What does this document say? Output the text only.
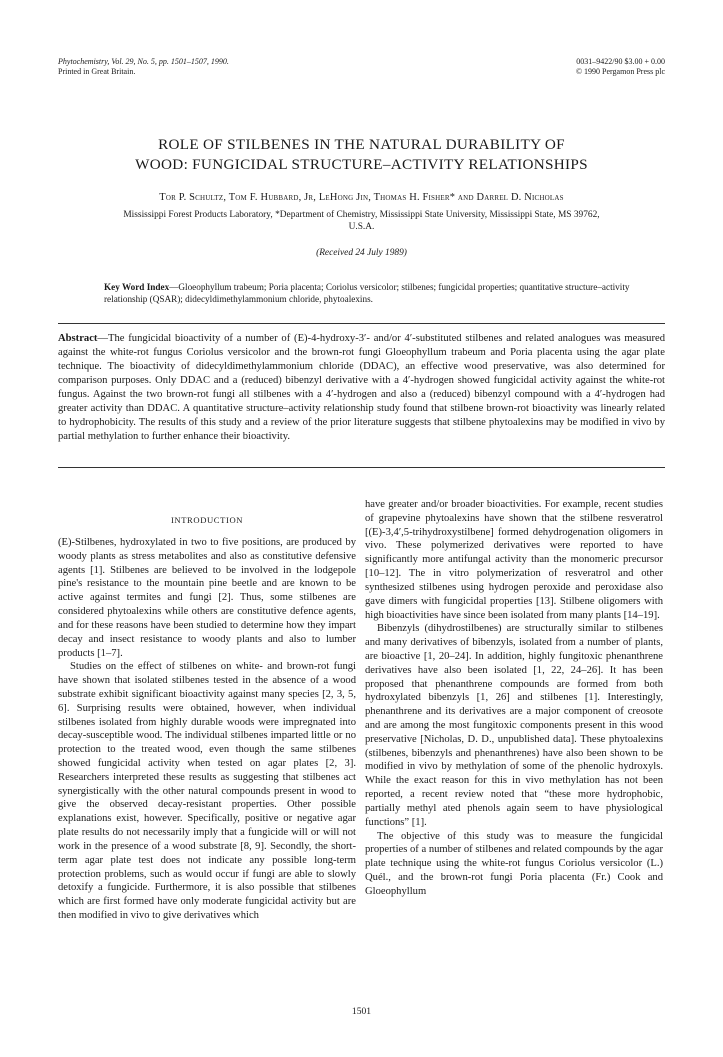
Phytochemistry, Vol. 29, No. 5, pp. 1501–1507, 1990.
Printed in Great Britain.
0031–9422/90 $3.00 + 0.00
© 1990 Pergamon Press plc
ROLE OF STILBENES IN THE NATURAL DURABILITY OF
WOOD: FUNGICIDAL STRUCTURE–ACTIVITY RELATIONSHIPS
Tor P. Schultz, Tom F. Hubbard, Jr, LeHong Jin, Thomas H. Fisher* and Darrel D. Nicholas
Mississippi Forest Products Laboratory, *Department of Chemistry, Mississippi State University, Mississippi State, MS 39762,
U.S.A.
(Received 24 July 1989)
Key Word Index—Gloeophyllum trabeum; Poria placenta; Coriolus versicolor; stilbenes; fungicidal properties; quantitative structure–activity relationship (QSAR); didecyldimethylammonium chloride, phytoalexins.
Abstract—The fungicidal bioactivity of a number of (E)-4-hydroxy-3′- and/or 4′-substituted stilbenes and related analogues was measured against the white-rot fungus Coriolus versicolor and the brown-rot fungi Gloeophyllum trabeum and Poria placenta using the agar plate technique. The bioactivity of didecyldimethylammonium chloride (DDAC), an effective wood preservative, was also determined for comparison purposes. Only DDAC and a (reduced) bibenzyl derivative with a 4′-hydrogen showed fungicidal activity against the white-rot fungus. Against the two brown-rot fungi all stilbenes with a 4′-hydrogen and also a (reduced) bibenzyl compound with a 4′-hydrogen had greater activity than DDAC. A quantitative structure–activity relationship study found that stilbene brown-rot bioactivity was linearly related to hydrophobicity. The results of this study and a review of the prior literature suggests that stilbene phytoalexins may be modified in vivo by partial methylation to further enhance their bioactivity.
INTRODUCTION

(E)-Stilbenes, hydroxylated in two to five positions, are produced by woody plants as stress metabolites and also as constitutive defensive agents [1]. Stilbenes are believed to be involved in the lodgepole pine's resistance to the mountain pine beetle and are known to be active against termites and fungi [2]. Thus, some stilbenes are considered phytoalexins while others are constitutive defence agents, and for these reasons have been studied to determine how they impart decay and insect resistance to woody plants and also to lumber products [1–7].

Studies on the effect of stilbenes on white- and brown-rot fungi have shown that isolated stilbenes tested in the absence of a wood substrate exhibit significant bioactivity against many species [2, 3, 5, 6]. Surprising results were obtained, however, when individual stilbenes isolated from highly durable woods were impregnated into decay-susceptible wood. The individual stilbenes imparted little or no protection to the treated wood, even though the same stilbenes showed fungicidal activity when tested on agar plates [2, 3]. Researchers interpreted these results as suggesting that stilbenes act synergistically with the other natural compounds present in wood to give the observed decay-resistant properties. Other possible explanations exist, however. Specifically, positive or negative agar plate results do not necessarily imply that a fungicide will or will not work in the presence of a wood substrate [8, 9]. Secondly, the short-term agar plate test does not indicate any possible long-term protection problems, such as would occur if fungi are able to slowly detoxify a fungicide. Furthermore, it is also possible that stilbenes which are first formed have only moderate fungicidal activity but are then modified in vivo to give derivatives which

have greater and/or broader bioactivities. For example, recent studies of grapevine phytoalexins have shown that the stilbene resveratrol [(E)-3,4′,5-trihydroxystilbene] formed dehydrogenation oligomers in vivo. These polymerized derivatives were reported to have significantly more antifungal activity than the monomeric precursor [10–12]. The in vitro polymerization of resveratrol and other synthesized stilbenes using hydrogen peroxide and peroxidase also gave dimers with fungicidal properties [13]. Stilbene oligomers with high bioactivities have since been isolated from many plants [14–19].

Bibenzyls (dihydrostilbenes) are structurally similar to stilbenes and many derivatives of bibenzyls, isolated from a number of plants, are bioactive [1, 20–24]. In addition, highly fungitoxic phenanthrene derivatives have also been isolated [1, 22, 24–26]. It has been proposed that phenanthrene compounds are formed from both hydroxylated bibenzyls [1, 26] and stilbenes [1]. Interestingly, phenanthrene and its derivatives are a major component of creosote and are among the most fungitoxic components present in this wood preservative [Nicholas, D. D., unpublished data]. These phytoalexins (stilbenes, bibenzyls and phenanthrenes) have also been shown to be modified in vivo by methylation of some of the phenolic hydroxyls. While the exact reason for this in vivo methylation has not been reported, a recent review noted that “these more hydrophobic, partially methyl ated phenols again seem to have physiological functions” [1].

The objective of this study was to measure the fungicidal properties of a number of stilbenes and related compounds by the agar plate technique using the white-rot fungus Coriolus versicolor (L.) Quél., and the brown-rot fungi Poria placenta (Fr.) Cook and Gloeophyllum

1501
